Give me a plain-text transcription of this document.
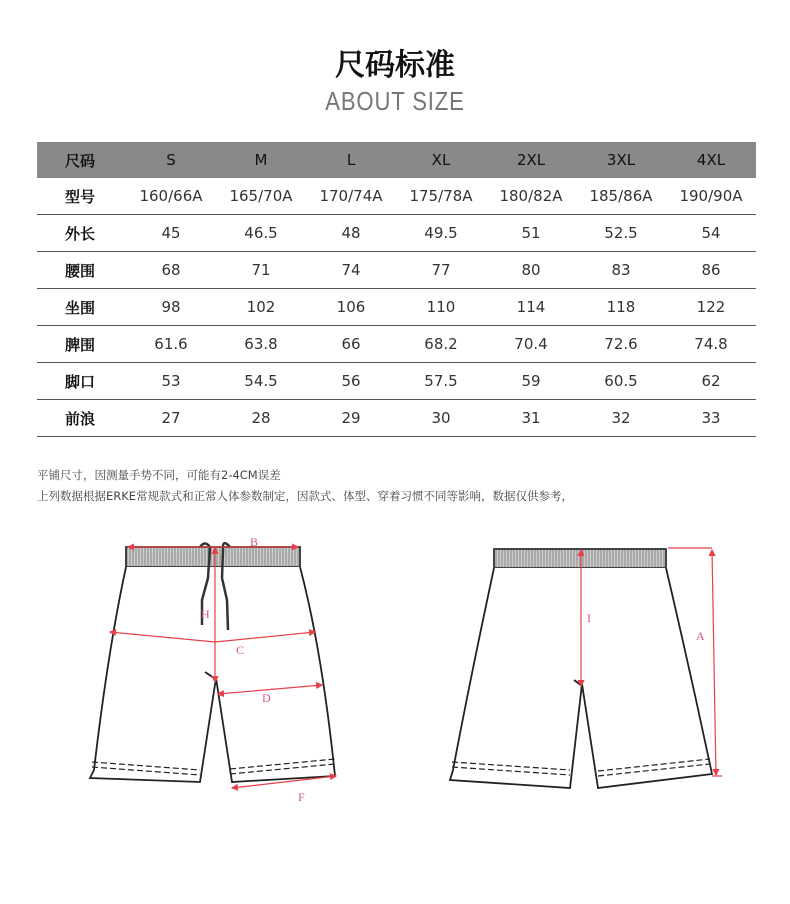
尺码标准
ABOUT SIZE
尺码	S	M	L	XL	2XL	3XL	4XL
型号	160/66A	165/70A	170/74A	175/78A	180/82A	185/86A	190/90A
外长	45	46.5	48	49.5	51	52.5	54
腰围	68	71	74	77	80	83	86
坐围	98	102	106	110	114	118	122
脾围	61.6	63.8	66	68.2	70.4	72.6	74.8
脚口	53	54.5	56	57.5	59	60.5	62
前浪	27	28	29	30	31	32	33
平铺尺寸，因测量手势不同，可能有2-4CM误差
上列数据根据ERKE常规款式和正常人体参数制定，因款式、体型、穿着习惯不同等影响，数据仅供参考，
B
H
C
D
F
I
A
